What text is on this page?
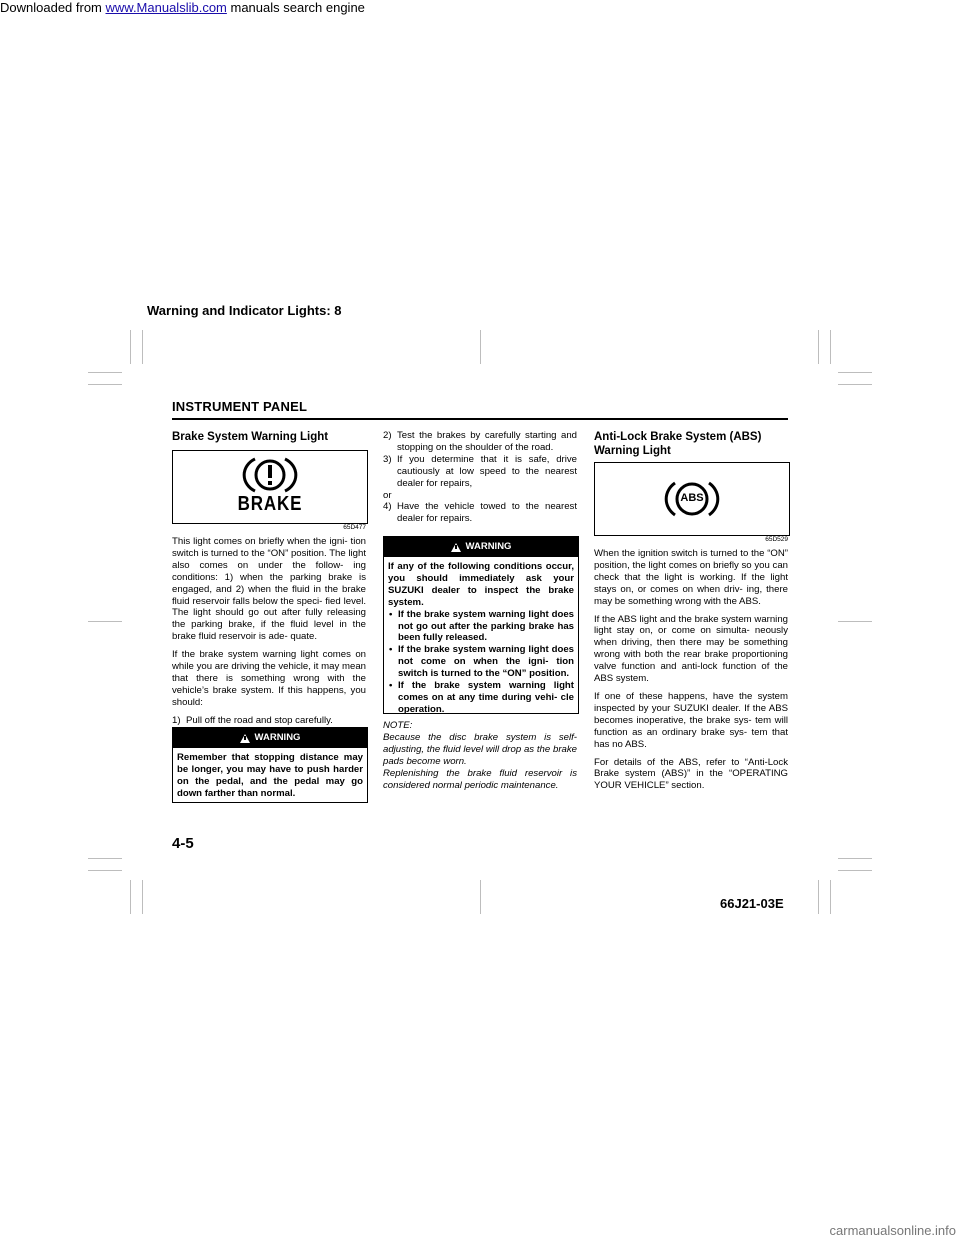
Downloaded from www.Manualslib.com manuals search engine
carmanualsonline.info
Warning and Indicator Lights: 8
INSTRUMENT PANEL
Brake System Warning Light
BRAKE
65D477

This light comes on briefly when the igni- tion switch is turned to the “ON” position. The light also comes on under the follow- ing conditions: 1) when the parking brake is engaged, and 2) when the fluid in the brake fluid reservoir falls below the speci- fied level. The light should go out after fully releasing the parking brake, if the fluid level in the brake fluid reservoir is ade- quate.

If the brake system warning light comes on while you are driving the vehicle, it may mean that there is something wrong with the vehicle’s brake system. If this happens, you should:

1) Pull off the road and stop carefully.
WARNING
Remember that stopping distance may be longer, you may have to push harder on the pedal, and the pedal may go down farther than normal.
2) Test the brakes by carefully starting and stopping on the shoulder of the road.
3) If you determine that it is safe, drive cautiously at low speed to the nearest dealer for repairs,
or
4) Have the vehicle towed to the nearest dealer for repairs.
WARNING
If any of the following conditions occur, you should immediately ask your SUZUKI dealer to inspect the brake system.
• If the brake system warning light does not go out after the parking brake has been fully released.
• If the brake system warning light does not come on when the igni- tion switch is turned to the “ON” position.
• If the brake system warning light comes on at any time during vehi- cle operation.
NOTE:
Because the disc brake system is self- adjusting, the fluid level will drop as the brake pads become worn.
Replenishing the brake fluid reservoir is considered normal periodic maintenance.
Anti-Lock Brake System (ABS)
Warning Light
ABS
65D529

When the ignition switch is turned to the “ON” position, the light comes on briefly so you can check that the light is working. If the light stays on, or comes on when driv- ing, there may be something wrong with the ABS.

If the ABS light and the brake system warning light stay on, or come on simulta- neously when driving, then there may be something wrong with both the rear brake proportioning valve function and anti-lock function of the ABS system.

If one of these happens, have the system inspected by your SUZUKI dealer. If the ABS becomes inoperative, the brake sys- tem will function as an ordinary brake sys- tem that has no ABS.

For details of the ABS, refer to “Anti-Lock Brake system (ABS)” in the “OPERATING YOUR VEHICLE” section.

4-5
66J21-03E
